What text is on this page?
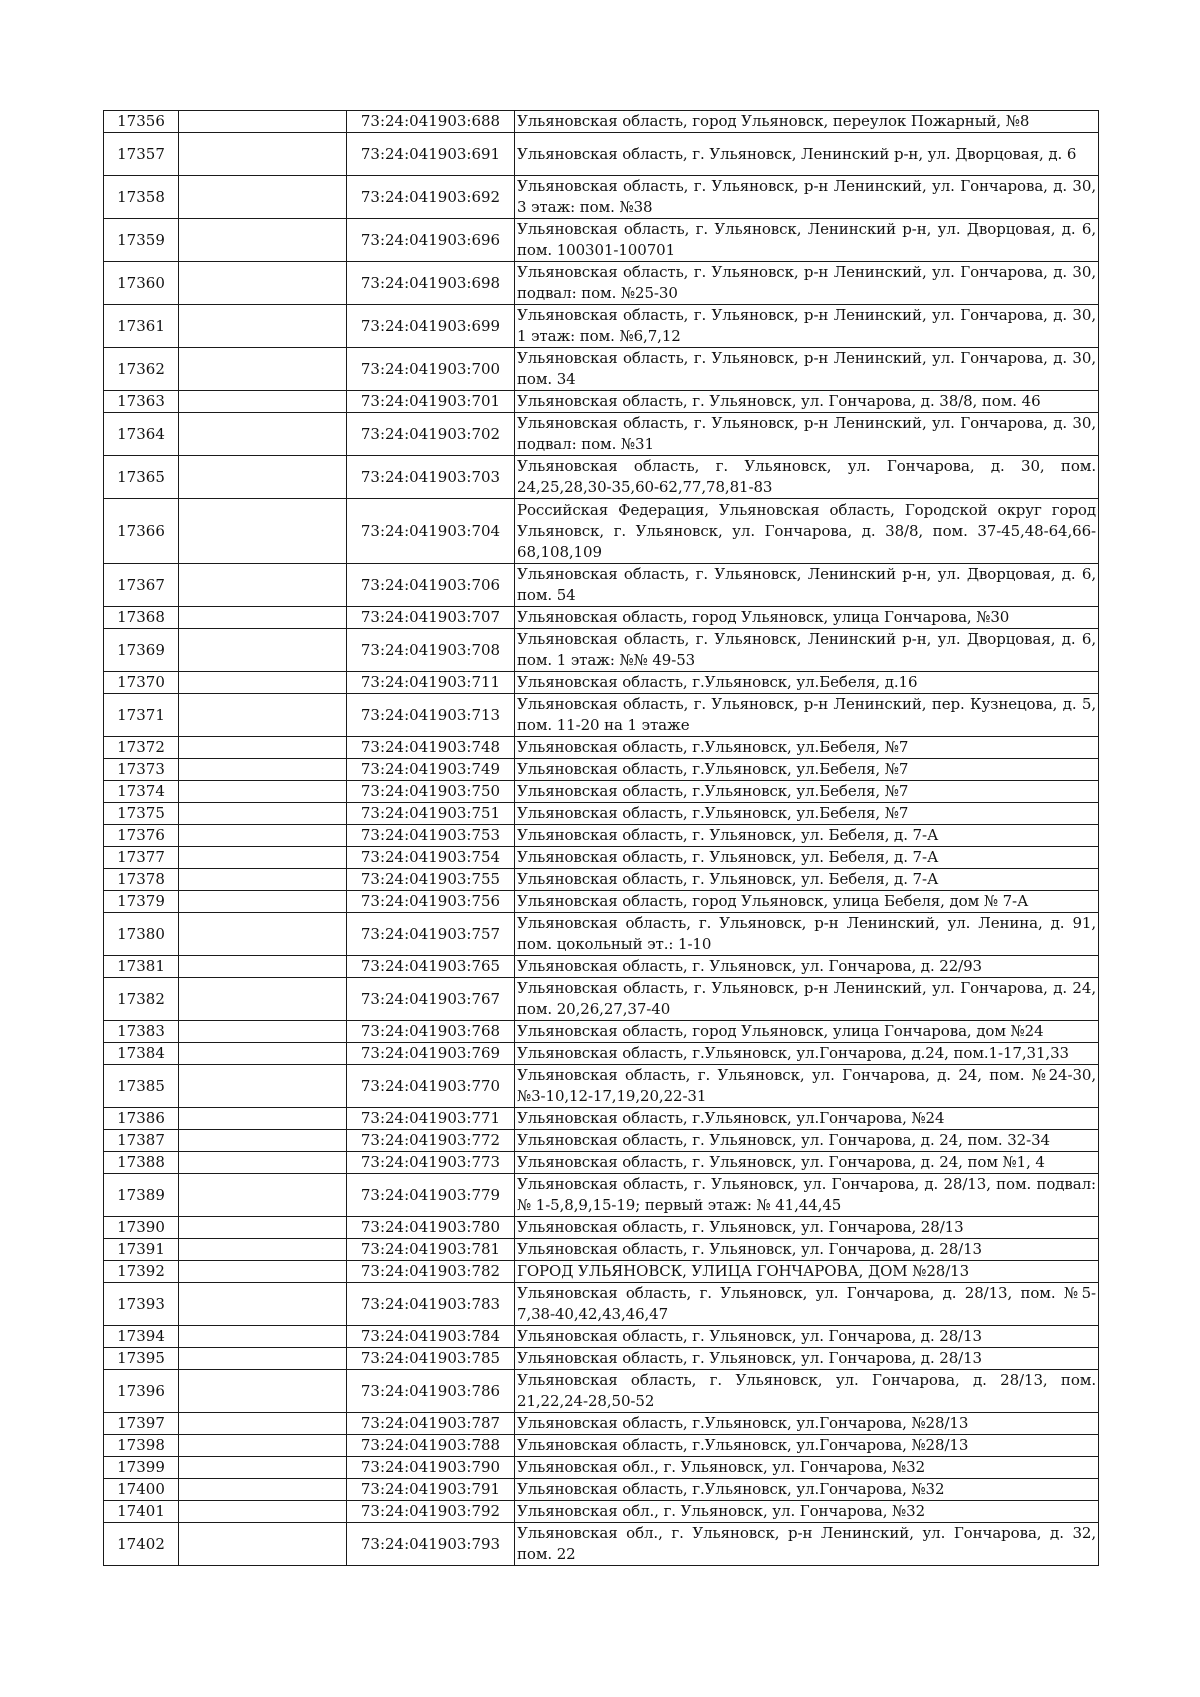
17356		73:24:041903:688	Ульяновская область, город Ульяновск, переулок Пожарный, №8
17357		73:24:041903:691	Ульяновская область, г. Ульяновск, Ленинский р-н, ул. Дворцовая, д. 6
17358		73:24:041903:692	Ульяновская область, г. Ульяновск, р-н Ленинский, ул. Гончарова, д. 30, 3 этаж: пом. №38
17359		73:24:041903:696	Ульяновская область, г. Ульяновск, Ленинский р-н, ул. Дворцовая, д. 6, пом. 100301-100701
17360		73:24:041903:698	Ульяновская область, г. Ульяновск, р-н Ленинский, ул. Гончарова, д. 30, подвал: пом. №25-30
17361		73:24:041903:699	Ульяновская область, г. Ульяновск, р-н Ленинский, ул. Гончарова, д. 30, 1 этаж: пом. №6,7,12
17362		73:24:041903:700	Ульяновская область, г. Ульяновск, р-н Ленинский, ул. Гончарова, д. 30, пом. 34
17363		73:24:041903:701	Ульяновская область, г. Ульяновск, ул. Гончарова, д. 38/8, пом. 46
17364		73:24:041903:702	Ульяновская область, г. Ульяновск, р-н Ленинский, ул. Гончарова, д. 30, подвал: пом. №31
17365		73:24:041903:703	Ульяновская область, г. Ульяновск, ул. Гончарова, д. 30, пом. 24,25,28,30-35,60-62,77,78,81-83
17366		73:24:041903:704	Российская Федерация, Ульяновская область, Городской округ город Ульяновск, г. Ульяновск, ул. Гончарова, д. 38/8, пом. 37-45,48-64,66-68,108,109
17367		73:24:041903:706	Ульяновская область, г. Ульяновск, Ленинский р-н, ул. Дворцовая, д. 6, пом. 54
17368		73:24:041903:707	Ульяновская область, город Ульяновск, улица Гончарова, №30
17369		73:24:041903:708	Ульяновская область, г. Ульяновск, Ленинский р-н, ул. Дворцовая, д. 6, пом. 1 этаж: №№ 49-53
17370		73:24:041903:711	Ульяновская область, г.Ульяновск, ул.Бебеля, д.16
17371		73:24:041903:713	Ульяновская область, г. Ульяновск, р-н Ленинский, пер. Кузнецова, д. 5, пом. 11-20 на 1 этаже
17372		73:24:041903:748	Ульяновская область, г.Ульяновск, ул.Бебеля, №7
17373		73:24:041903:749	Ульяновская область, г.Ульяновск, ул.Бебеля, №7
17374		73:24:041903:750	Ульяновская область, г.Ульяновск, ул.Бебеля, №7
17375		73:24:041903:751	Ульяновская область, г.Ульяновск, ул.Бебеля, №7
17376		73:24:041903:753	Ульяновская область, г. Ульяновск, ул. Бебеля, д. 7-А
17377		73:24:041903:754	Ульяновская область, г. Ульяновск, ул. Бебеля, д. 7-А
17378		73:24:041903:755	Ульяновская область, г. Ульяновск, ул. Бебеля, д. 7-А
17379		73:24:041903:756	Ульяновская область, город Ульяновск, улица Бебеля, дом № 7-А
17380		73:24:041903:757	Ульяновская область, г. Ульяновск, р-н Ленинский, ул. Ленина, д. 91, пом. цокольный эт.: 1-10
17381		73:24:041903:765	Ульяновская область, г. Ульяновск, ул. Гончарова, д. 22/93
17382		73:24:041903:767	Ульяновская область, г. Ульяновск, р-н Ленинский, ул. Гончарова, д. 24, пом. 20,26,27,37-40
17383		73:24:041903:768	Ульяновская область, город Ульяновск, улица Гончарова, дом №24
17384		73:24:041903:769	Ульяновская область, г.Ульяновск, ул.Гончарова, д.24, пом.1-17,31,33
17385		73:24:041903:770	Ульяновская область, г. Ульяновск, ул. Гончарова, д. 24, пом. №24-30, №3-10,12-17,19,20,22-31
17386		73:24:041903:771	Ульяновская область, г.Ульяновск, ул.Гончарова, №24
17387		73:24:041903:772	Ульяновская область, г. Ульяновск, ул. Гончарова, д. 24, пом. 32-34
17388		73:24:041903:773	Ульяновская область, г. Ульяновск, ул. Гончарова, д. 24, пом №1, 4
17389		73:24:041903:779	Ульяновская область, г. Ульяновск, ул. Гончарова, д. 28/13, пом. подвал: № 1-5,8,9,15-19; первый этаж: № 41,44,45
17390		73:24:041903:780	Ульяновская область, г. Ульяновск, ул. Гончарова, 28/13
17391		73:24:041903:781	Ульяновская область, г. Ульяновск, ул. Гончарова, д. 28/13
17392		73:24:041903:782	ГОРОД УЛЬЯНОВСК, УЛИЦА ГОНЧАРОВА, ДОМ №28/13
17393		73:24:041903:783	Ульяновская область, г. Ульяновск, ул. Гончарова, д. 28/13, пом. №5-7,38-40,42,43,46,47
17394		73:24:041903:784	Ульяновская область, г. Ульяновск, ул. Гончарова, д. 28/13
17395		73:24:041903:785	Ульяновская область, г. Ульяновск, ул. Гончарова, д. 28/13
17396		73:24:041903:786	Ульяновская область, г. Ульяновск, ул. Гончарова, д. 28/13, пом. 21,22,24-28,50-52
17397		73:24:041903:787	Ульяновская область, г.Ульяновск, ул.Гончарова, №28/13
17398		73:24:041903:788	Ульяновская область, г.Ульяновск, ул.Гончарова, №28/13
17399		73:24:041903:790	Ульяновская обл., г. Ульяновск, ул. Гончарова, №32
17400		73:24:041903:791	Ульяновская область, г.Ульяновск, ул.Гончарова, №32
17401		73:24:041903:792	Ульяновская обл., г. Ульяновск, ул. Гончарова, №32
17402		73:24:041903:793	Ульяновская обл., г. Ульяновск, р-н Ленинский, ул. Гончарова, д. 32, пом. 22
